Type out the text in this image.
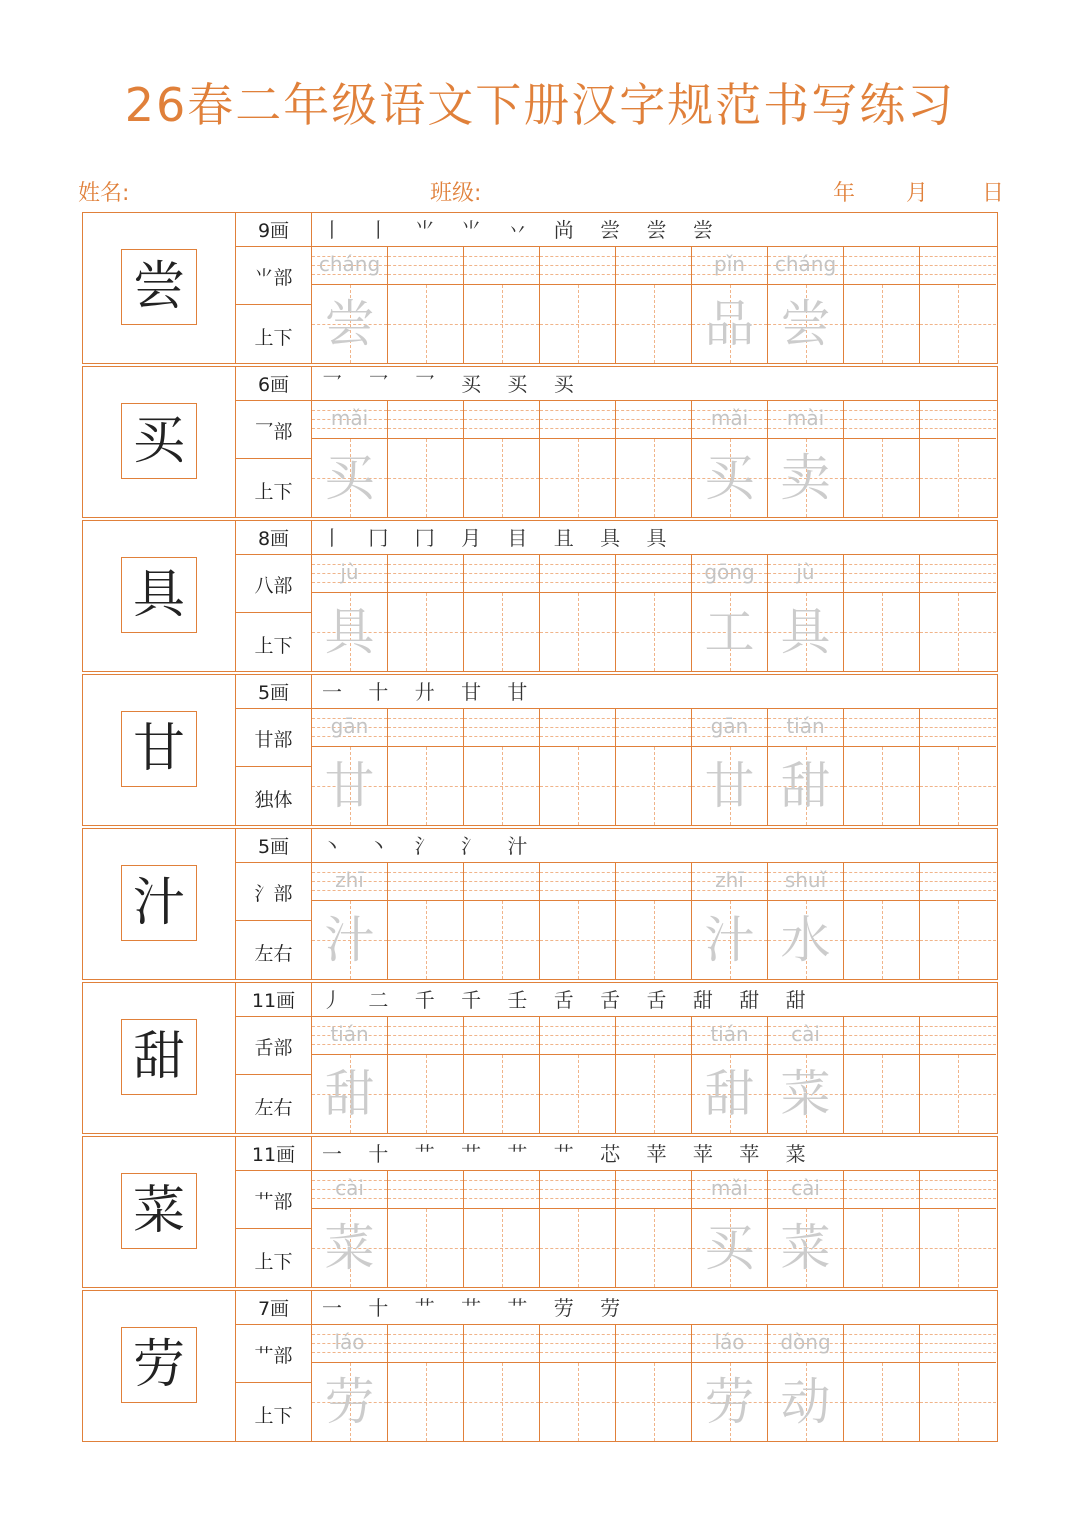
26春二年级语文下册汉字规范书写练习
姓名:	班级:	年 月 日
尝
9画
⺌部
上下
丨 丨 ⺌ ⺌ 丷 尚 尝 尝 尝
cháng
尝
pǐn
品
cháng
尝
买
6画
乛部
上下
乛 乛 乛 买 买 买
mǎi
买
mǎi
买
mài
卖
具
8画
八部
上下
丨 冂 冂 月 目 且 具 具
jù
具
gōng
工
jù
具
甘
5画
甘部
独体
一 十 廾 甘 甘
gān
甘
gān
甘
tián
甜
汁
5画
氵部
左右
丶 丶 氵 氵 汁
zhī
汁
zhī
汁
shuǐ
水
甜
11画
舌部
左右
丿 二 千 千 壬 舌 舌 舌 甜 甜 甜
tián
甜
tián
甜
cài
菜
菜
11画
艹部
上下
一 十 艹 艹 艹 艹 芯 苹 苹 苹 菜
cài
菜
mǎi
买
cài
菜
劳
7画
艹部
上下
一 十 艹 艹 艹 劳 劳
láo
劳
láo
劳
dòng
动
